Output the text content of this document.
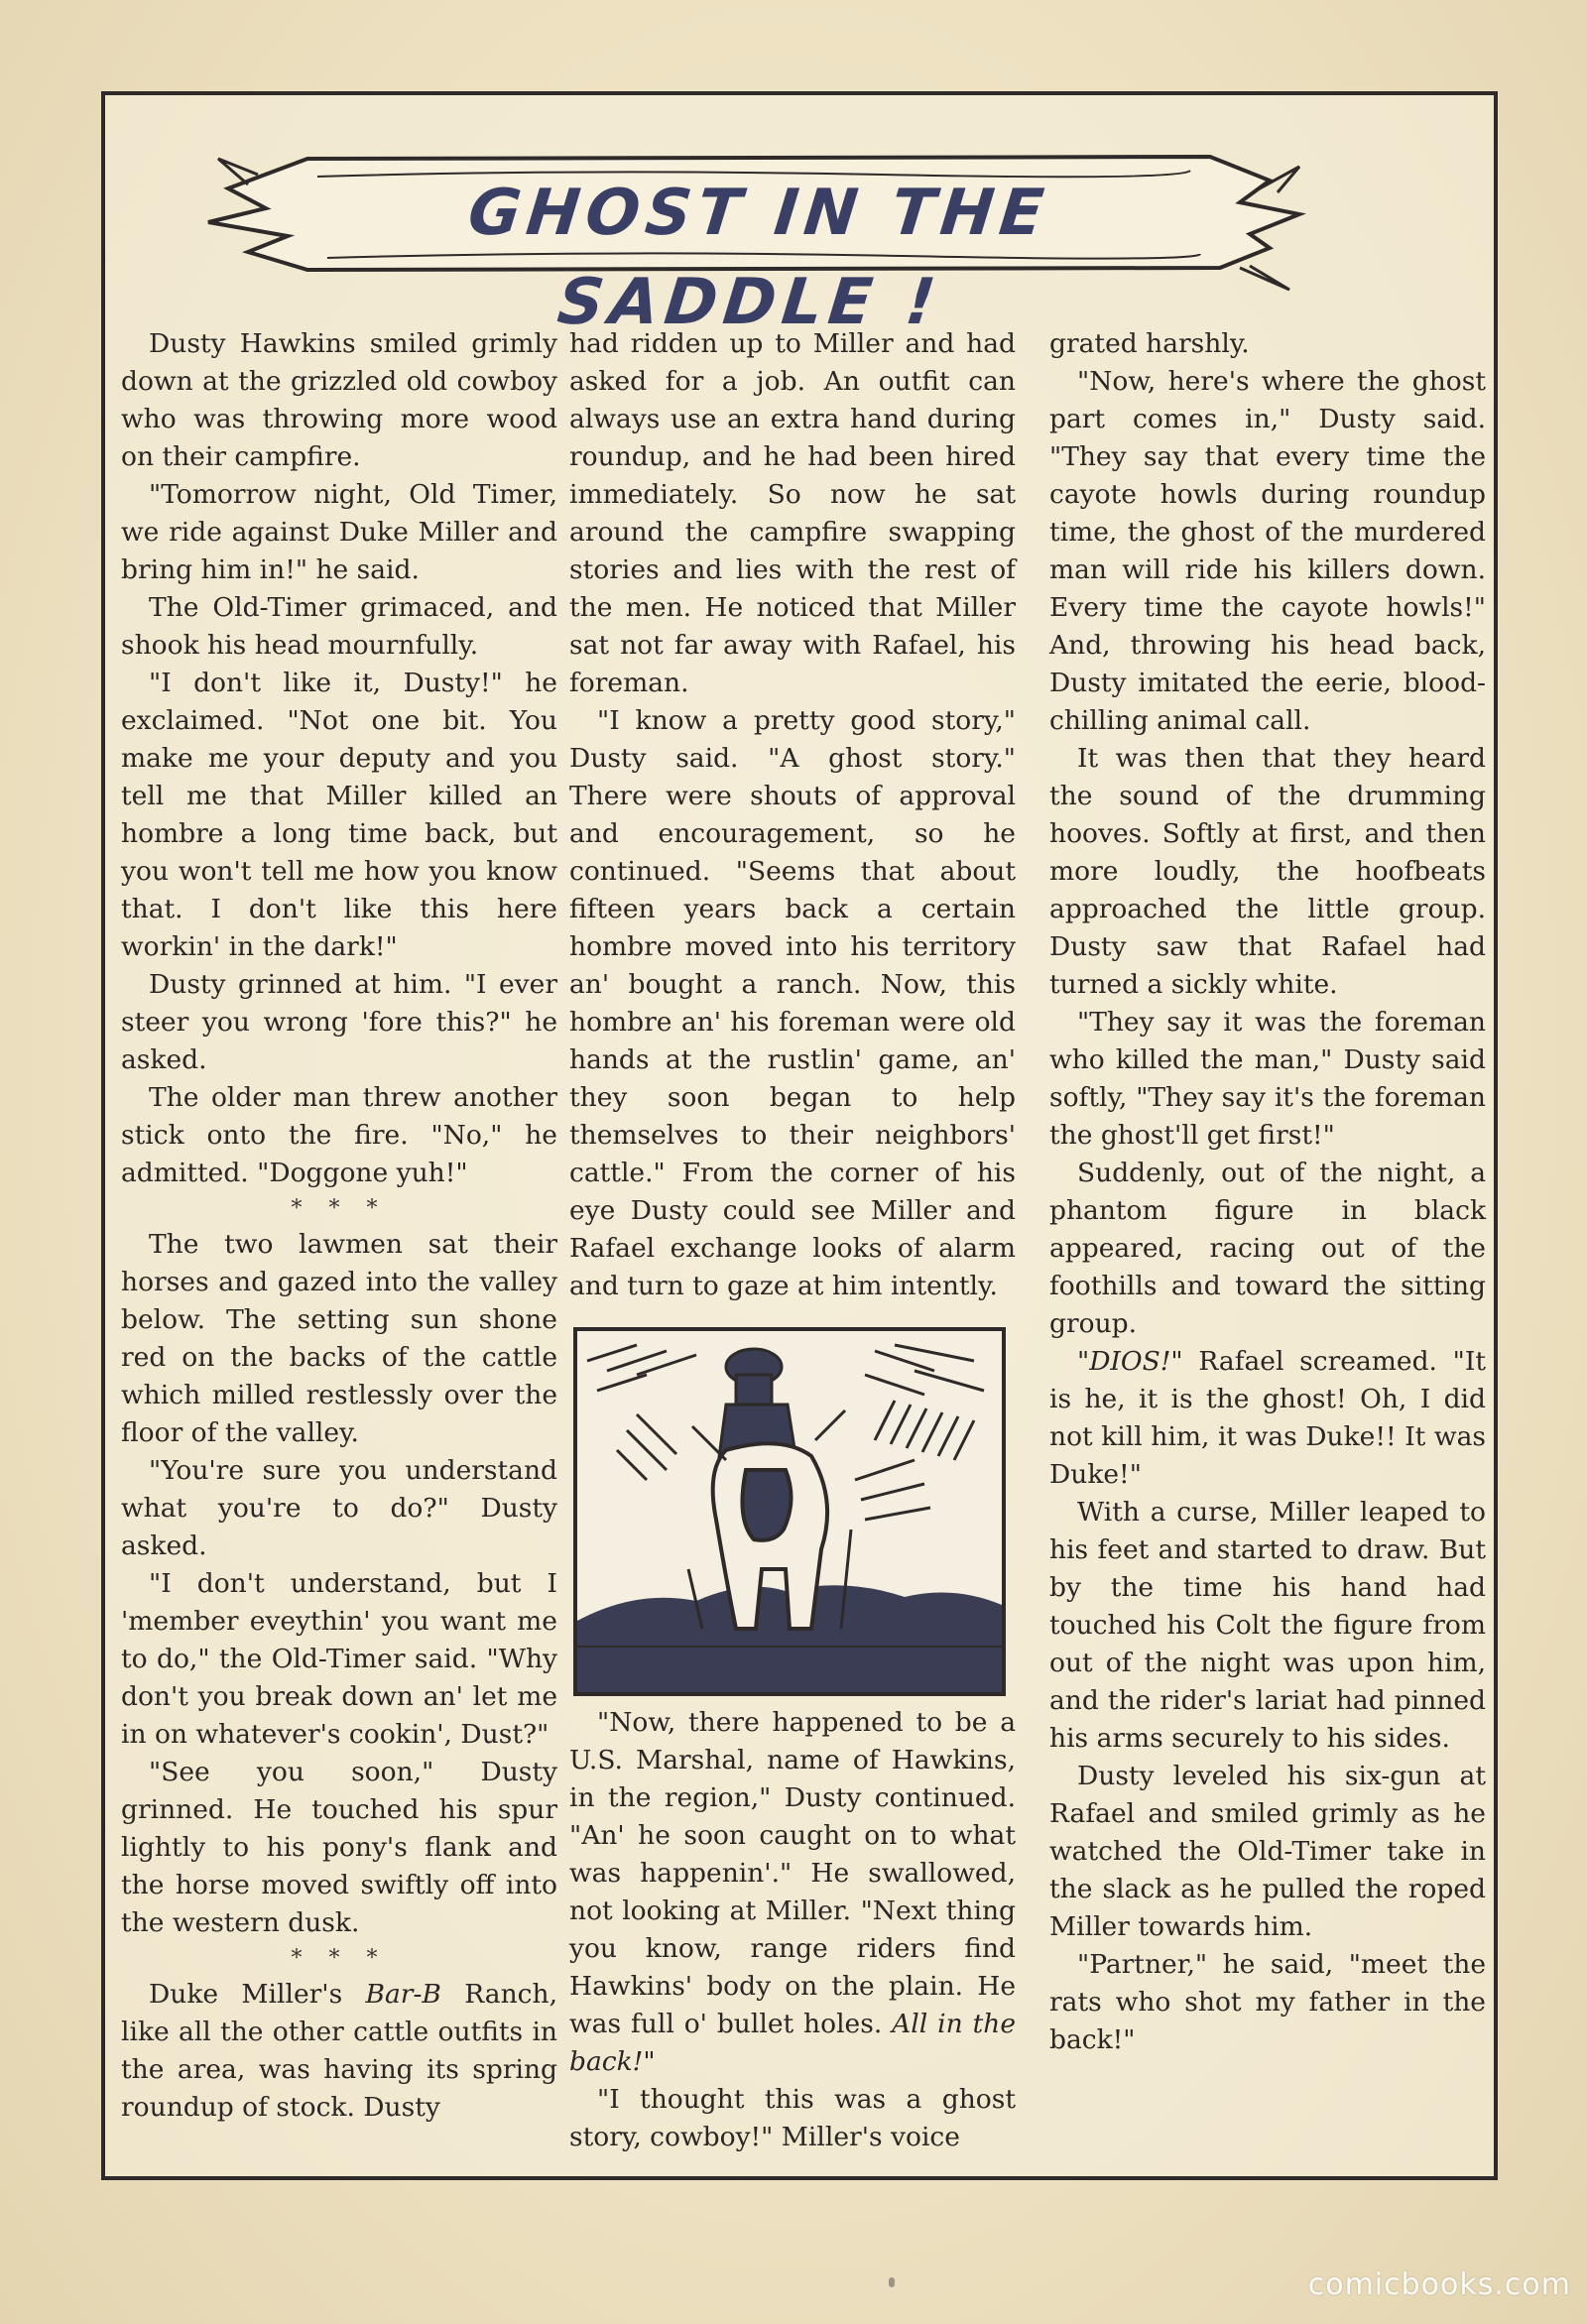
GHOST IN THE SADDLE !

Dusty Hawkins smiled grimly down at the grizzled old cowboy who was throwing more wood on their campfire.

"Tomorrow night, Old Timer, we ride against Duke Miller and bring him in!" he said.

The Old-Timer grimaced, and shook his head mournfully.

"I don't like it, Dusty!" he exclaimed. "Not one bit. You make me your deputy and you tell me that Miller killed an hombre a long time back, but you won't tell me how you know that. I don't like this here workin' in the dark!"

Dusty grinned at him. "I ever steer you wrong 'fore this?" he asked.

The older man threw another stick onto the fire. "No," he admitted. "Doggone yuh!"

* * *

The two lawmen sat their horses and gazed into the valley below. The setting sun shone red on the backs of the cattle which milled restlessly over the floor of the valley.

"You're sure you understand what you're to do?" Dusty asked.

"I don't understand, but I 'member eveythin' you want me to do," the Old-Timer said. "Why don't you break down an' let me in on whatever's cookin', Dust?"

"See you soon," Dusty grinned. He touched his spur lightly to his pony's flank and the horse moved swiftly off into the western dusk.

* * *

Duke Miller's Bar-B Ranch, like all the other cattle outfits in the area, was having its spring roundup of stock. Dusty

had ridden up to Miller and had asked for a job. An outfit can always use an extra hand during roundup, and he had been hired immediately. So now he sat around the campfire swapping stories and lies with the rest of the men. He noticed that Miller sat not far away with Rafael, his foreman.

"I know a pretty good story," Dusty said. "A ghost story." There were shouts of approval and encouragement, so he continued. "Seems that about fifteen years back a certain hombre moved into his territory an' bought a ranch. Now, this hombre an' his foreman were old hands at the rustlin' game, an' they soon began to help themselves to their neighbors' cattle." From the corner of his eye Dusty could see Miller and Rafael exchange looks of alarm and turn to gaze at him intently.

"Now, there happened to be a U.S. Marshal, name of Hawkins, in the region," Dusty continued. "An' he soon caught on to what was happenin'." He swallowed, not looking at Miller. "Next thing you know, range riders find Hawkins' body on the plain. He was full o' bullet holes. All in the back!"

"I thought this was a ghost story, cowboy!" Miller's voice

grated harshly.

"Now, here's where the ghost part comes in," Dusty said. "They say that every time the cayote howls during roundup time, the ghost of the murdered man will ride his killers down. Every time the cayote howls!" And, throwing his head back, Dusty imitated the eerie, blood-chilling animal call.

It was then that they heard the sound of the drumming hooves. Softly at first, and then more loudly, the hoofbeats approached the little group. Dusty saw that Rafael had turned a sickly white.

"They say it was the foreman who killed the man," Dusty said softly, "They say it's the foreman the ghost'll get first!"

Suddenly, out of the night, a phantom figure in black appeared, racing out of the foothills and toward the sitting group.

"DIOS!" Rafael screamed. "It is he, it is the ghost! Oh, I did not kill him, it was Duke!! It was Duke!"

With a curse, Miller leaped to his feet and started to draw. But by the time his hand had touched his Colt the figure from out of the night was upon him, and the rider's lariat had pinned his arms securely to his sides.

Dusty leveled his six-gun at Rafael and smiled grimly as he watched the Old-Timer take in the slack as he pulled the roped Miller towards him.

"Partner," he said, "meet the rats who shot my father in the back!"

comicbooks.com
